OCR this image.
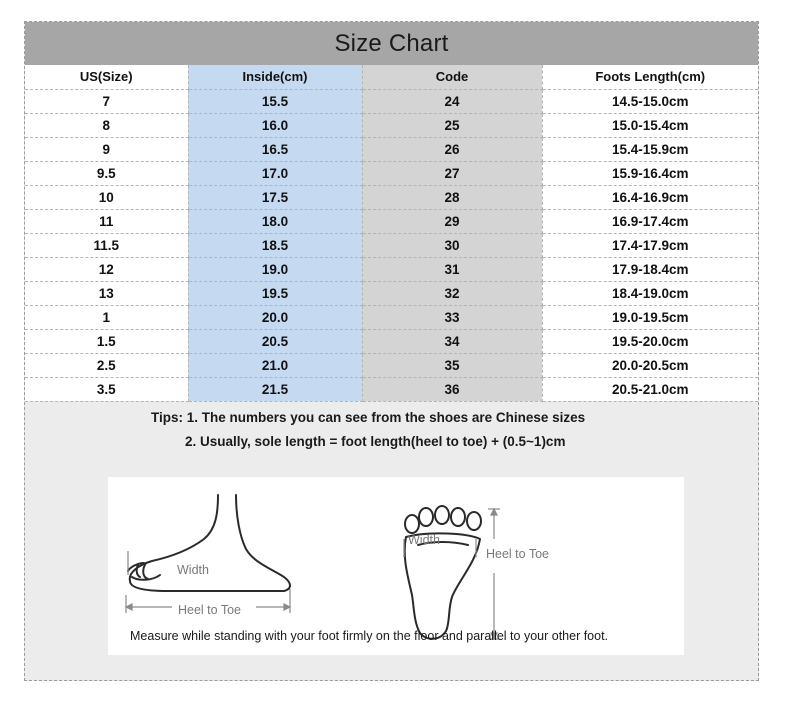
Size Chart
US(Size)	Inside(cm)	Code	Foots Length(cm)
7	15.5	24	14.5-15.0cm
8	16.0	25	15.0-15.4cm
9	16.5	26	15.4-15.9cm
9.5	17.0	27	15.9-16.4cm
10	17.5	28	16.4-16.9cm
11	18.0	29	16.9-17.4cm
11.5	18.5	30	17.4-17.9cm
12	19.0	31	17.9-18.4cm
13	19.5	32	18.4-19.0cm
1	20.0	33	19.0-19.5cm
1.5	20.5	34	19.5-20.0cm
2.5	21.0	35	20.0-20.5cm
3.5	21.5	36	20.5-21.0cm
Tips: 1. The numbers you can see from the shoes are Chinese sizes
2. Usually, sole length = foot length(heel to toe) + (0.5~1)cm
Width
Heel to Toe
Width
Heel to Toe
Measure while standing with your foot firmly on the floor and parallel to your other foot.
